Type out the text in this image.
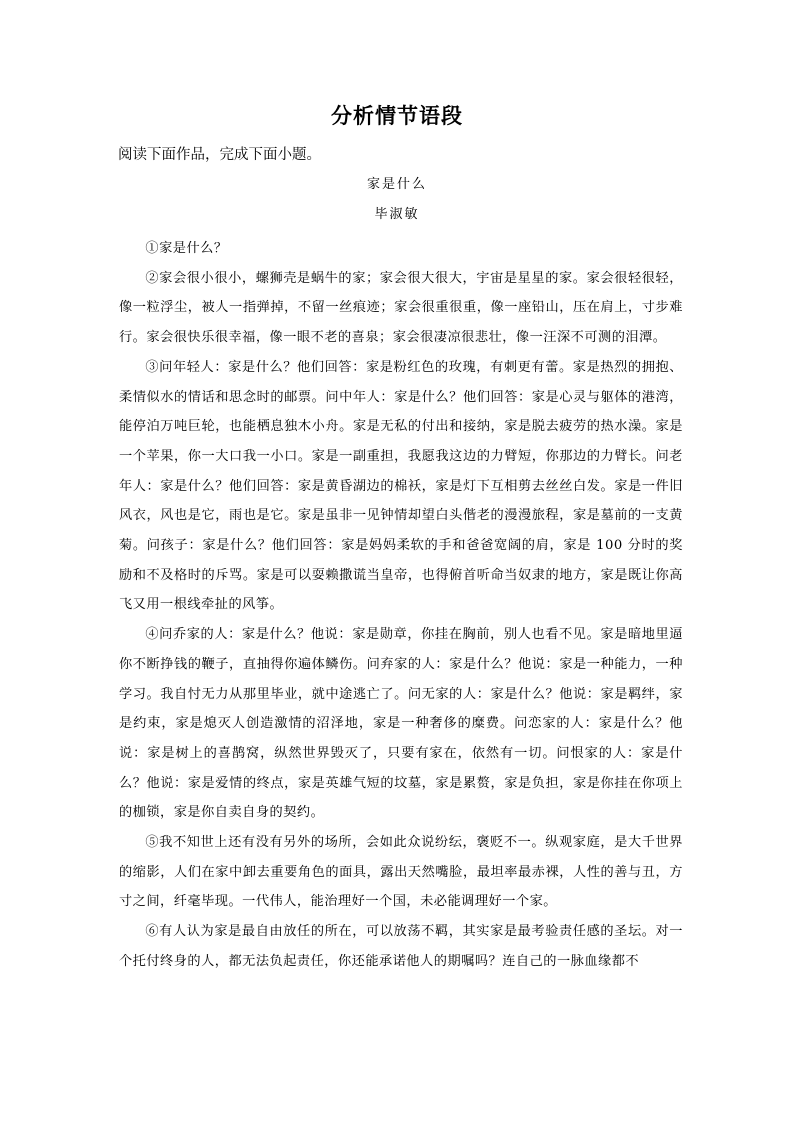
分析情节语段

阅读下面作品，完成下面小题。

家是什么

毕淑敏

①家是什么？

②家会很小很小，螺狮壳是蜗牛的家；家会很大很大，宇宙是星星的家。家会很轻很轻，像一粒浮尘，被人一指弹掉，不留一丝痕迹；家会很重很重，像一座铅山，压在肩上，寸步难行。家会很快乐很幸福，像一眼不老的喜泉；家会很凄凉很悲壮，像一汪深不可测的泪潭。

③问年轻人：家是什么？他们回答：家是粉红色的玫瑰，有刺更有蕾。家是热烈的拥抱、柔情似水的情话和思念时的邮票。问中年人：家是什么？他们回答：家是心灵与躯体的港湾，能停泊万吨巨轮，也能栖息独木小舟。家是无私的付出和接纳，家是脱去疲劳的热水澡。家是一个苹果，你一大口我一小口。家是一副重担，我愿我这边的力臂短，你那边的力臂长。问老年人：家是什么？他们回答：家是黄昏湖边的棉袄，家是灯下互相剪去丝丝白发。家是一件旧风衣，风也是它，雨也是它。家是虽非一见钟情却望白头偕老的漫漫旅程，家是墓前的一支黄菊。问孩子：家是什么？他们回答：家是妈妈柔软的手和爸爸宽阔的肩，家是 100 分时的奖励和不及格时的斥骂。家是可以耍赖撒谎当皇帝，也得俯首听命当奴隶的地方，家是既让你高飞又用一根线牵扯的风筝。

④问乔家的人：家是什么？他说：家是勋章，你挂在胸前，别人也看不见。家是暗地里逼你不断挣钱的鞭子，直抽得你遍体鳞伤。问弃家的人：家是什么？他说：家是一种能力，一种学习。我自忖无力从那里毕业，就中途逃亡了。问无家的人：家是什么？他说：家是羁绊，家是约束，家是熄灭人创造激情的沼泽地，家是一种奢侈的糜费。问恋家的人：家是什么？他说：家是树上的喜鹊窝，纵然世界毁灭了，只要有家在，依然有一切。问恨家的人：家是什么？他说：家是爱情的终点，家是英雄气短的坟墓，家是累赘，家是负担，家是你挂在你项上的枷锁，家是你自卖自身的契约。

⑤我不知世上还有没有另外的场所，会如此众说纷纭，褒贬不一。纵观家庭，是大千世界的缩影，人们在家中卸去重要角色的面具，露出天然嘴脸，最坦率最赤裸，人性的善与丑，方寸之间，纤毫毕现。一代伟人，能治理好一个国，未必能调理好一个家。

⑥有人认为家是最自由放任的所在，可以放荡不羁，其实家是最考验责任感的圣坛。对一个托付终身的人，都无法负起责任，你还能承诺他人的期嘱吗？连自己的一脉血缘都不
